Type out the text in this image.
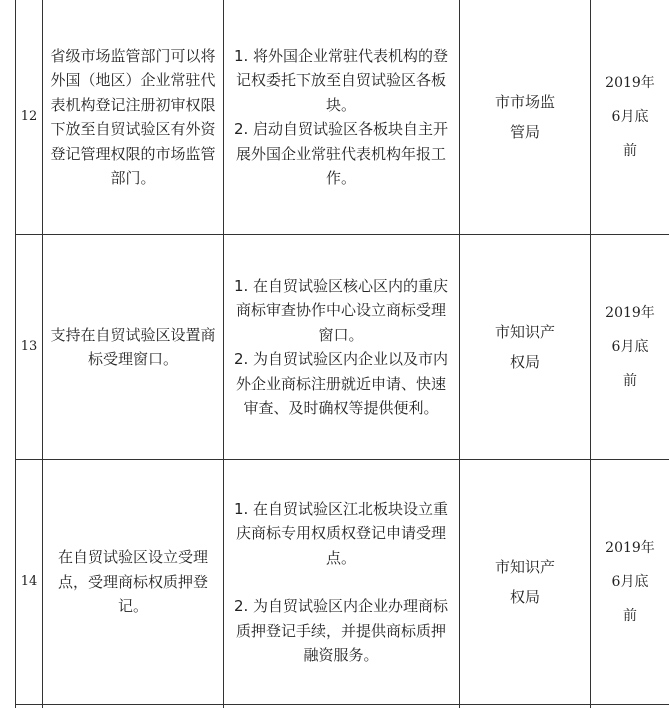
12
省级市场监管部门可以将外国（地区）企业常驻代表机构登记注册初审权限下放至自贸试验区有外资登记管理权限的市场监管部门。

1. 将外国企业常驻代表机构的登记权委托下放至自贸试验区各板块。

2. 启动自贸试验区各板块自主开展外国企业常驻代表机构年报工作。

市市场监管局
2019年6月底前
13
支持在自贸试验区设置商标受理窗口。

1. 在自贸试验区核心区内的重庆商标审查协作中心设立商标受理窗口。

2. 为自贸试验区内企业以及市内外企业商标注册就近申请、快速审查、及时确权等提供便利。

市知识产权局
2019年6月底前
14
在自贸试验区设立受理点，受理商标权质押登记。

1. 在自贸试验区江北板块设立重庆商标专用权质权登记申请受理点。

2. 为自贸试验区内企业办理商标质押登记手续，并提供商标质押融资服务。

市知识产权局
2019年6月底前
